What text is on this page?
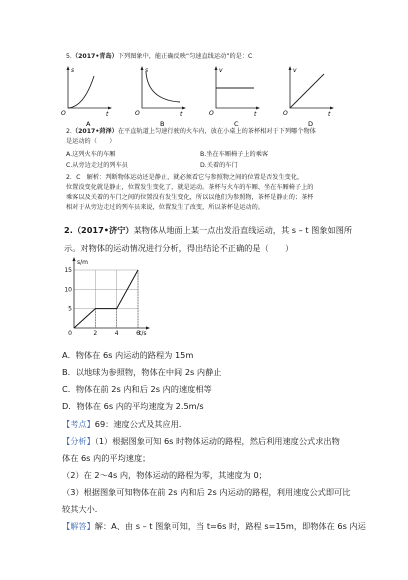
5.（2017•青岛）下列图象中，能正确反映“匀速直线运动”的是：C
s
t
O
A
s
t
O
B
v
t
O
C
v
t
O
D
2.（2017•菏泽）在平直轨道上匀速行驶的火车内，放在小桌上的茶杯相对于下列哪个物体
是运动的（　　）
A.这列火车的车厢	B.坐在车厢椅子上的乘客
C.从旁边走过的列车员	D.关着的车门
2．C　解析：判断物体运动还是静止，就必须看它与参照物之间的位置是否发生变化，
位置没变化就是静止，位置发生变化了，就是运动。茶杯与火车的车厢、坐在车厢椅子上的
乘客以及关着的车门之间的位置没有发生变化，所以以他们为参照物，茶杯是静止的；茶杯
相对于从旁边走过的列车员来说，位置发生了改变，所以茶杯是运动的。
2.（2017•济宁）某物体从地面上某一点出发沿直线运动，其 s – t 图象如图所
示。对物体的运动情况进行分析，得出结论不正确的是（　　）
5
10
15
2	4	6
0
s/m
t/s
A．物体在 6s 内运动的路程为 15m
B．以地球为参照物，物体在中间 2s 内静止
C．物体在前 2s 内和后 2s 内的速度相等
D．物体在 6s 内的平均速度为 2.5m/s
【考点】69：速度公式及其应用．
【分析】（1）根据图象可知 6s 时物体运动的路程，然后利用速度公式求出物
体在 6s 内的平均速度；
（2）在 2～4s 内，物体运动的路程为零，其速度为 0；
（3）根据图象可知物体在前 2s 内和后 2s 内运动的路程，利用速度公式即可比
较其大小．
【解答】解：A、由 s – t 图象可知，当 t=6s 时，路程 s=15m，即物体在 6s 内运
